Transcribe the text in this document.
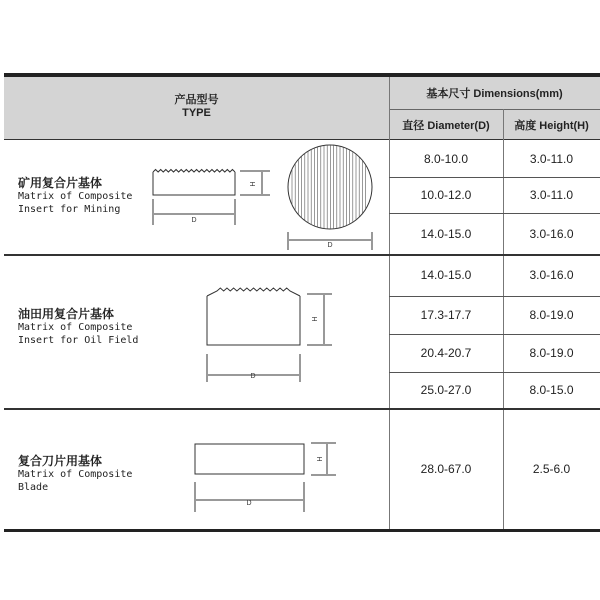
产品型号
TYPE
基本尺寸 Dimensions(mm)
直径 Diameter(D)	高度 Height(H)
矿用复合片基体
Matrix of Composite
Insert for Mining
8.0-10.0	3.0-11.0
10.0-12.0	3.0-11.0
14.0-15.0	3.0-16.0
D
D
D
D
H
H
H
油田用复合片基体
Matrix of Composite
Insert for Oil Field
14.0-15.0	3.0-16.0
17.3-17.7	8.0-19.0
20.4-20.7	8.0-19.0
25.0-27.0	8.0-15.0
复合刀片用基体
Matrix of Composite
Blade
28.0-67.0	2.5-6.0
